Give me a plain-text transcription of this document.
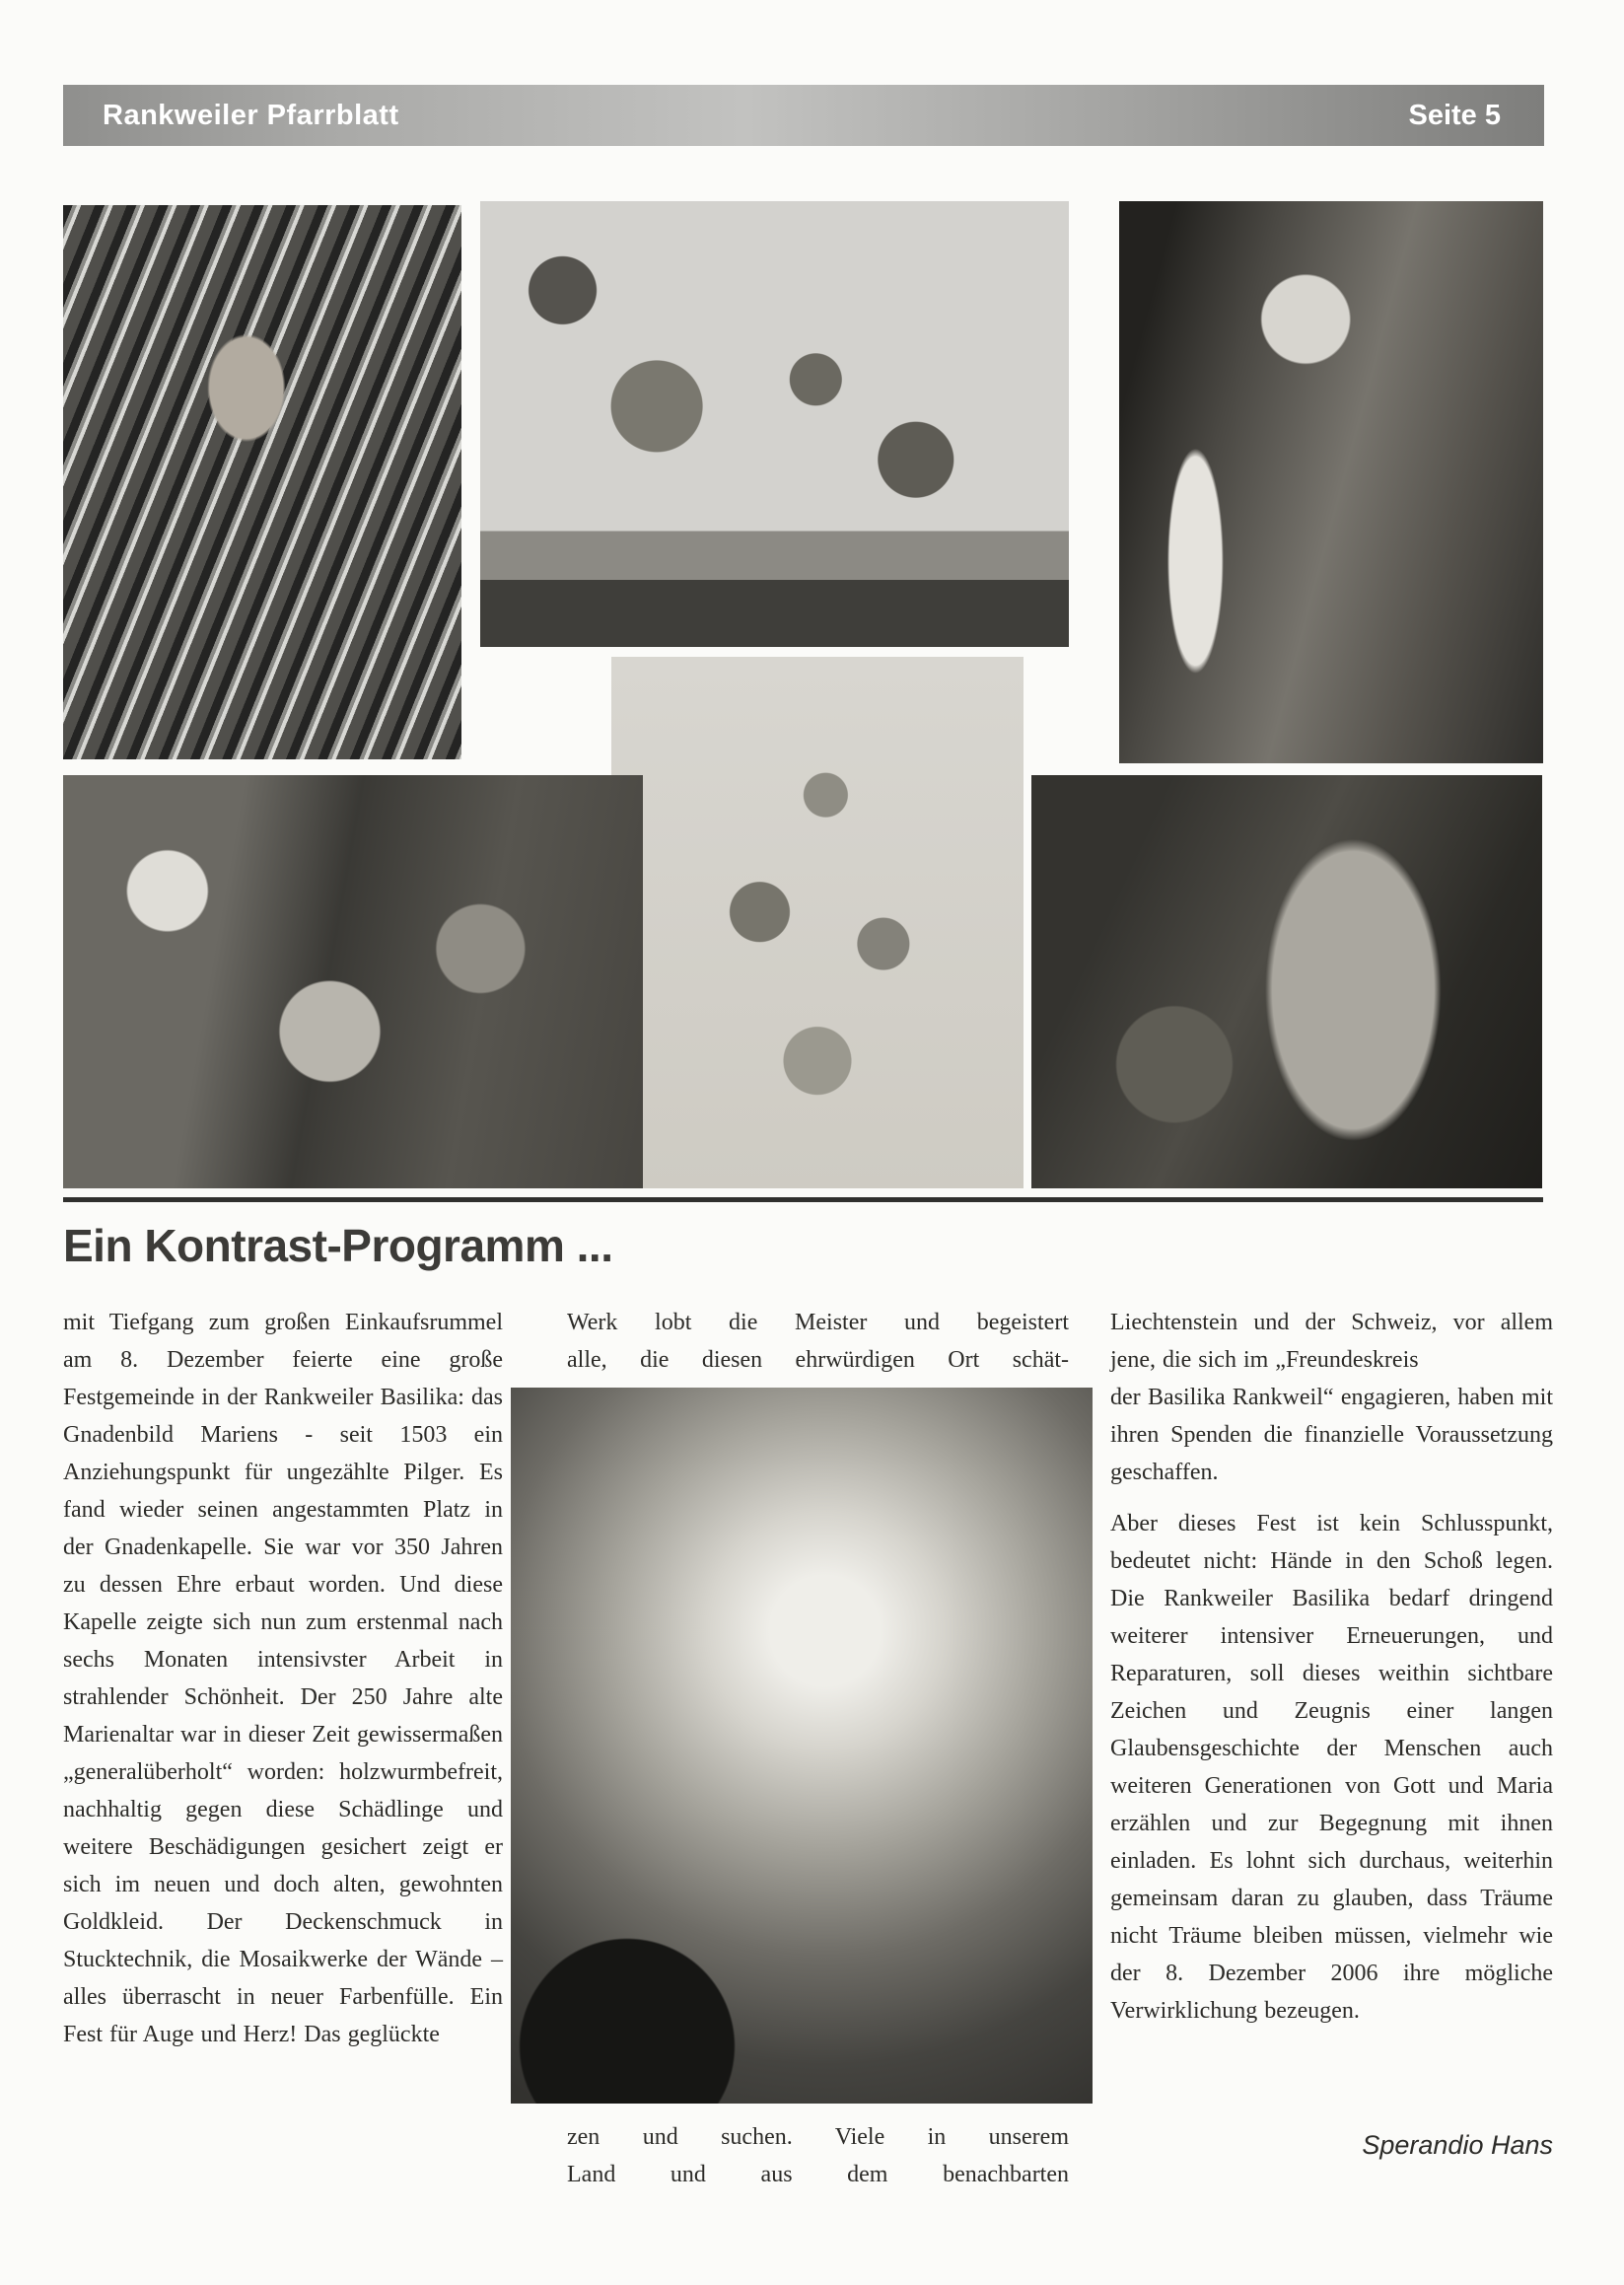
Rankweiler Pfarrblatt	Seite 5
Ein Kontrast-Programm ...

mit Tiefgang zum großen Einkaufsrummel am 8. Dezember feierte eine große Festgemeinde in der Rankweiler Basilika: das Gnadenbild Mariens - seit 1503 ein Anziehungspunkt für ungezählte Pilger. Es fand wieder seinen angestammten Platz in der Gnadenkapelle. Sie war vor 350 Jahren zu dessen Ehre erbaut worden. Und diese Kapelle zeigte sich nun zum erstenmal nach sechs Monaten intensivster Arbeit in strahlender Schönheit. Der 250 Jahre alte Marienaltar war in dieser Zeit gewissermaßen „generalüberholt“ worden: holzwurmbefreit, nachhaltig gegen diese Schädlinge und weitere Beschädigungen gesichert zeigt er sich im neuen und doch alten, gewohnten Goldkleid. Der Deckenschmuck in Stucktechnik, die Mosaikwerke der Wände – alles überrascht in neuer Farbenfülle. Ein Fest für Auge und Herz! Das geglückte

Werk lobt die Meister und begeistert
alle, die diesen ehrwürdigen Ort schät-
zen und suchen. Viele in unserem
Land und aus dem benachbarten

Liechtenstein und der Schweiz, vor allem jene, die sich im „Freundeskreis

der Basilika Rankweil“ engagieren, haben mit ihren Spenden die finanzielle Voraussetzung geschaffen.

Aber dieses Fest ist kein Schlusspunkt, bedeutet nicht: Hände in den Schoß legen. Die Rankweiler Basilika bedarf dringend weiterer intensiver Erneuerungen, und Reparaturen, soll dieses weithin sichtbare Zeichen und Zeugnis einer langen Glaubensgeschichte der Menschen auch weiteren Generationen von Gott und Maria erzählen und zur Begegnung mit ihnen einladen. Es lohnt sich durchaus, weiterhin gemeinsam daran zu glauben, dass Träume nicht Träume bleiben müssen, vielmehr wie der 8. Dezember 2006 ihre mögliche Verwirklichung bezeugen.

Sperandio Hans
